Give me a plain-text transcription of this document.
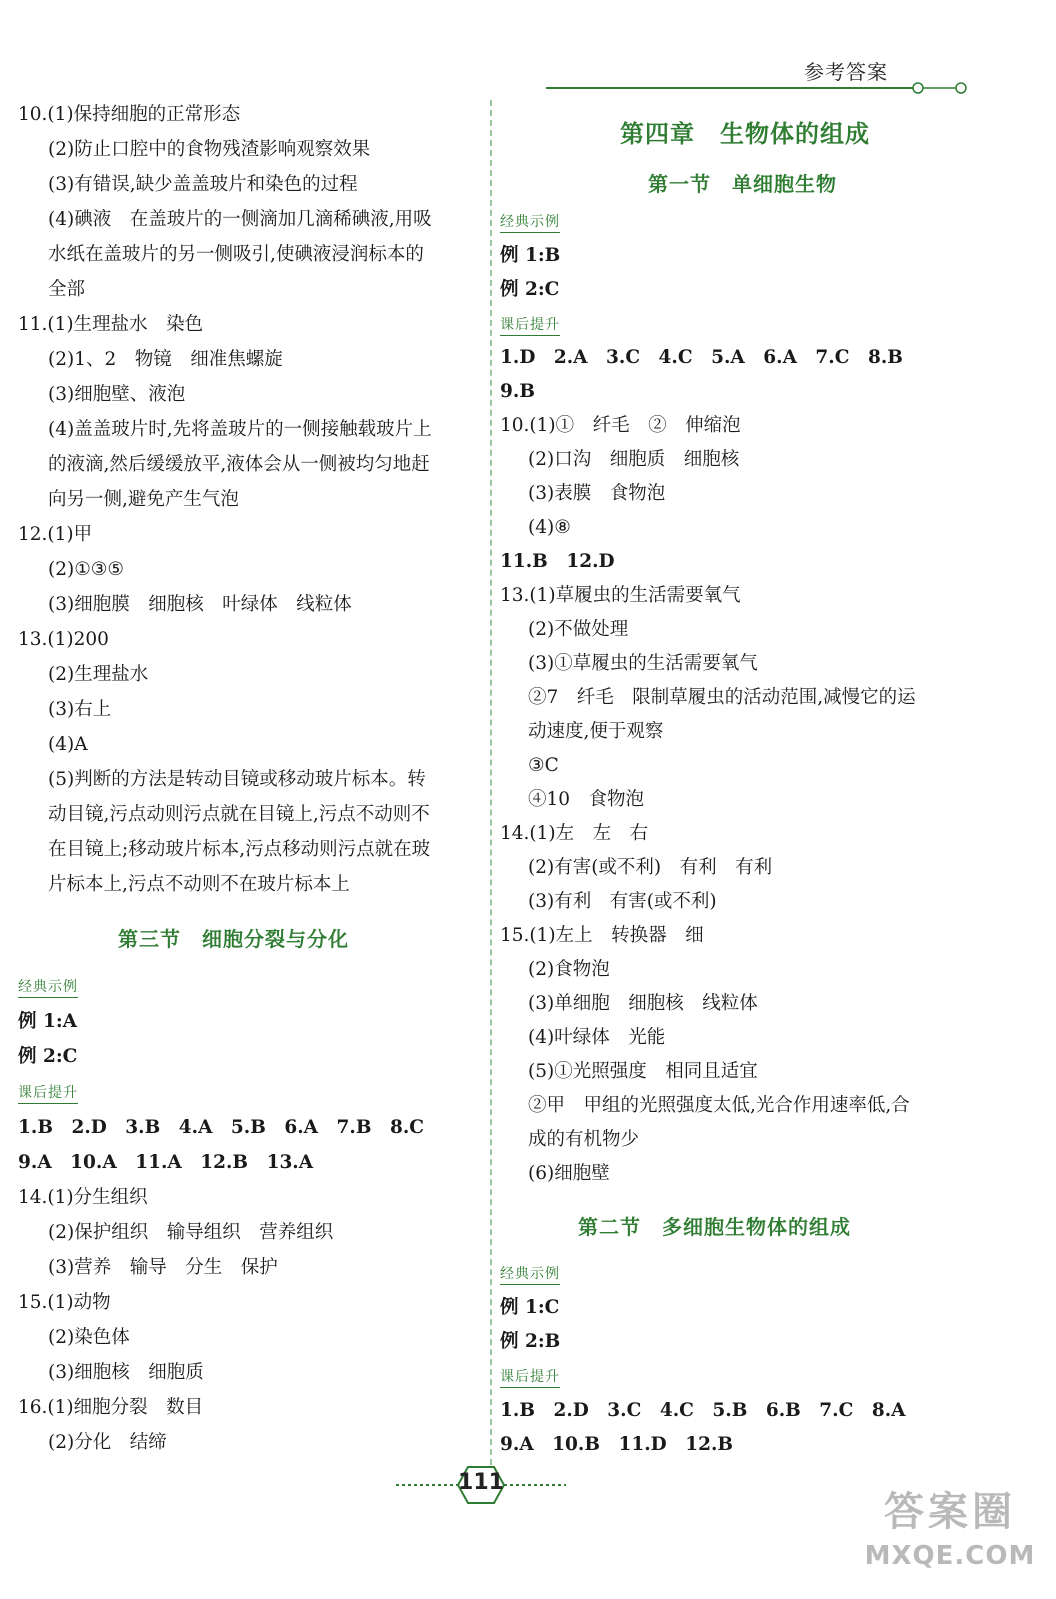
参考答案
10.(1)保持细胞的正常形态
(2)防止口腔中的食物残渣影响观察效果
(3)有错误,缺少盖盖玻片和染色的过程
(4)碘液　在盖玻片的一侧滴加几滴稀碘液,用吸
水纸在盖玻片的另一侧吸引,使碘液浸润标本的
全部
11.(1)生理盐水　染色
(2)1、2　物镜　细准焦螺旋
(3)细胞壁、液泡
(4)盖盖玻片时,先将盖玻片的一侧接触载玻片上
的液滴,然后缓缓放平,液体会从一侧被均匀地赶
向另一侧,避免产生气泡
12.(1)甲
(2)①③⑤
(3)细胞膜　细胞核　叶绿体　线粒体
13.(1)200
(2)生理盐水
(3)右上
(4)A
(5)判断的方法是转动目镜或移动玻片标本。转
动目镜,污点动则污点就在目镜上,污点不动则不
在目镜上;移动玻片标本,污点移动则污点就在玻
片标本上,污点不动则不在玻片标本上
第三节　细胞分裂与分化
经典示例
例 1:A
例 2:C
课后提升
1.B　2.D　3.B　4.A　5.B　6.A　7.B　8.C
9.A　10.A　11.A　12.B　13.A
14.(1)分生组织
(2)保护组织　输导组织　营养组织
(3)营养　输导　分生　保护
15.(1)动物
(2)染色体
(3)细胞核　细胞质
16.(1)细胞分裂　数目
(2)分化　结缔
第四章　生物体的组成
第一节　单细胞生物
经典示例
例 1:B
例 2:C
课后提升
1.D　2.A　3.C　4.C　5.A　6.A　7.C　8.B
9.B
10.(1)①　纤毛　②　伸缩泡
(2)口沟　细胞质　细胞核
(3)表膜　食物泡
(4)⑧
11.B　12.D
13.(1)草履虫的生活需要氧气
(2)不做处理
(3)①草履虫的生活需要氧气
②7　纤毛　限制草履虫的活动范围,减慢它的运
动速度,便于观察
③C
④10　食物泡
14.(1)左　左　右
(2)有害(或不利)　有利　有利
(3)有利　有害(或不利)
15.(1)左上　转换器　细
(2)食物泡
(3)单细胞　细胞核　线粒体
(4)叶绿体　光能
(5)①光照强度　相同且适宜
②甲　甲组的光照强度太低,光合作用速率低,合
成的有机物少
(6)细胞壁
第二节　多细胞生物体的组成
经典示例
例 1:C
例 2:B
课后提升
1.B　2.D　3.C　4.C　5.B　6.B　7.C　8.A
9.A　10.B　11.D　12.B
111
答案圈
MXQE.COM
